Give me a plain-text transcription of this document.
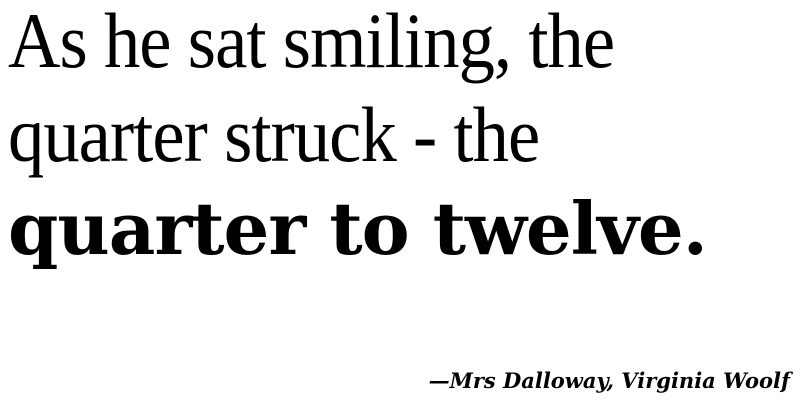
As he sat smiling, the
quarter struck - the
quarter to twelve.

—Mrs Dalloway, Virginia Woolf
